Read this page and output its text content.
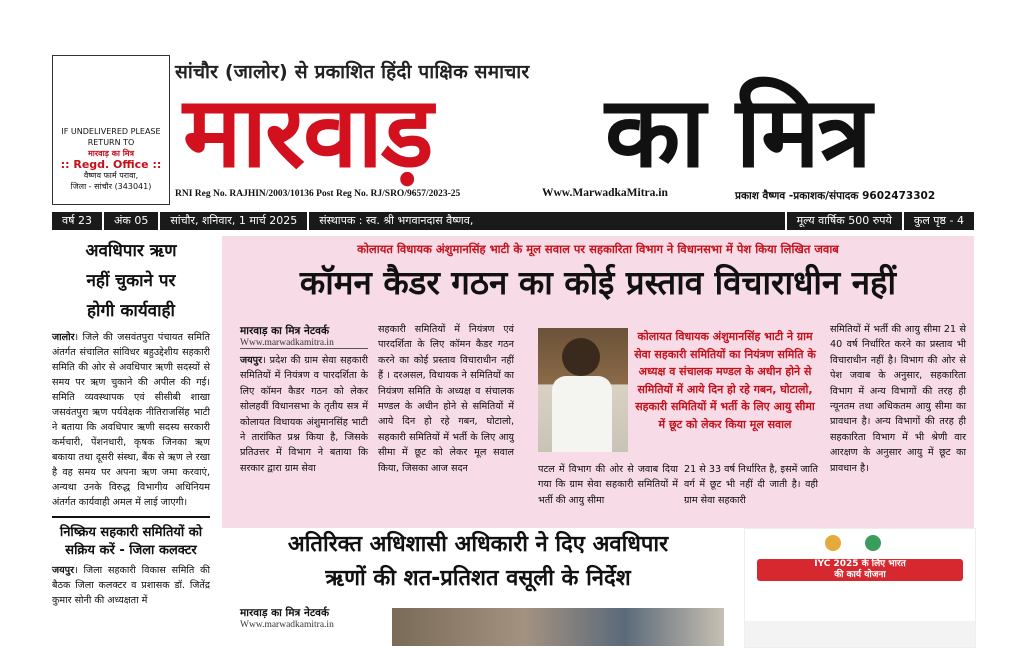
IF UNDELIVERED PLEASE
RETURN TO
मारवाड़ का मित्र
:: Regd. Office ::
वैष्णव फार्म परावा,
जिला - सांचौर (343041)
सांचौर (जालोर) से प्रकाशित हिंदी पाक्षिक समाचार
मारवाड़ का मित्र
RNI Reg No. RAJHIN/2003/10136 Post Reg No. RJ/SRO/9657/2023-25	Www.MarwadkaMitra.in	प्रकाश वैष्णव -प्रकाशक/संपादक 9602473302
वर्ष 23	अंक 05	सांचौर, शनिवार, 1 मार्च 2025	संस्थापक : स्व. श्री भगवानदास वैष्णव,	मूल्य वार्षिक 500 रुपये	कुल पृष्ठ - 4
अवधिपार ऋण
नहीं चुकाने पर
होगी कार्यवाही
जालोर। जिले की जसवंतपुरा पंचायत समिति अंतर्गत संचालित सांविधर बहुउद्देशीय सहकारी समिति की ओर से अवधिपार ऋणी सदस्यों से समय पर ऋण चुकाने की अपील की गई। समिति व्यवस्थापक एवं सीसीबी शाखा जसवंतपुरा ऋण पर्यवेक्षक नीतिराजसिंह भाटी ने बताया कि अवधिपार ऋणी सदस्य सरकारी कर्मचारी, पेंशनधारी, कृषक जिनका ऋण बकाया तथा दूसरी संस्था, बैंक से ऋण ले रखा है वह समय पर अपना ऋण जमा करवाएं, अन्यथा उनके विरुद्ध विभागीय अधिनियम अंतर्गत कार्यवाही अमल में लाई जाएगी।
निष्क्रिय सहकारी समितियों को सक्रिय करें - जिला कलक्टर
जयपुर। जिला सहकारी विकास समिति की बैठक जिला कलक्टर व प्रशासक डॉ. जितेंद्र कुमार सोनी की अध्यक्षता में
कोलायत विधायक अंशुमानसिंह भाटी के मूल सवाल पर सहकारिता विभाग ने विधानसभा में पेश किया लिखित जवाब
कॉमन कैडर गठन का कोई प्रस्ताव विचाराधीन नहीं
मारवाड़ का मित्र नेटवर्क
Www.marwadkamitra.in
जयपुर। प्रदेश की ग्राम सेवा सहकारी समितियों में नियंत्रण व पारदर्शिता के लिए कॉमन कैडर गठन को लेकर सोलहवीं विधानसभा के तृतीय सत्र में कोलायत विधायक अंशुमानसिंह भाटी ने तारांकित प्रश्न किया है, जिसके प्रतिउत्तर में विभाग ने बताया कि सरकार द्वारा ग्राम सेवा
सहकारी समितियों में नियंत्रण एवं पारदर्शिता के लिए कॉमन कैडर गठन करने का कोई प्रस्ताव विचाराधीन नहीं हैं । दरअसल, विधायक ने समितियों का नियंत्रण समिति के अध्यक्ष व संचालक मण्डल के अधीन होने से समितियों में आये दिन हो रहे गबन, घोटालो, सहकारी समितियों में भर्ती के लिए आयु सीमा में छूट को लेकर मूल सवाल किया, जिसका आज सदन
कोलायत विधायक अंशुमानसिंह भाटी ने ग्राम सेवा सहकारी समितियों का नियंत्रण समिति के अध्यक्ष व संचालक मण्डल के अधीन होने से समितियों में आये दिन हो रहे गबन, घोटालो, सहकारी समितियों में भर्ती के लिए आयु सीमा में छूट को लेकर किया मूल सवाल
पटल में विभाग की ओर से जवाब दिया गया कि ग्राम सेवा सहकारी समितियों में भर्ती की आयु सीमा
21 से 33 वर्ष निर्धारित है, इसमें जाति वर्ग में छूट भी नहीं दी जाती है। वही ग्राम सेवा सहकारी
समितियों में भर्ती की आयु सीमा 21 से 40 वर्ष निर्धारित करने का प्रस्ताव भी विचाराधीन नहीं है। विभाग की ओर से पेश जवाब के अनुसार, सहकारिता विभाग में अन्य विभागों की तरह ही न्यूनतम तथा अधिकतम आयु सीमा का प्रावधान है। अन्य विभागों की तरह ही सहकारिता विभाग में भी श्रेणी वार आरक्षण के अनुसार आयु में छूट का प्रावधान है।
अतिरिक्त अधिशासी अधिकारी ने दिए अवधिपार
ऋणों की शत-प्रतिशत वसूली के निर्देश
मारवाड़ का मित्र नेटवर्क
Www.marwadkamitra.in
IYC 2025 के लिए भारत
की कार्य योजना
